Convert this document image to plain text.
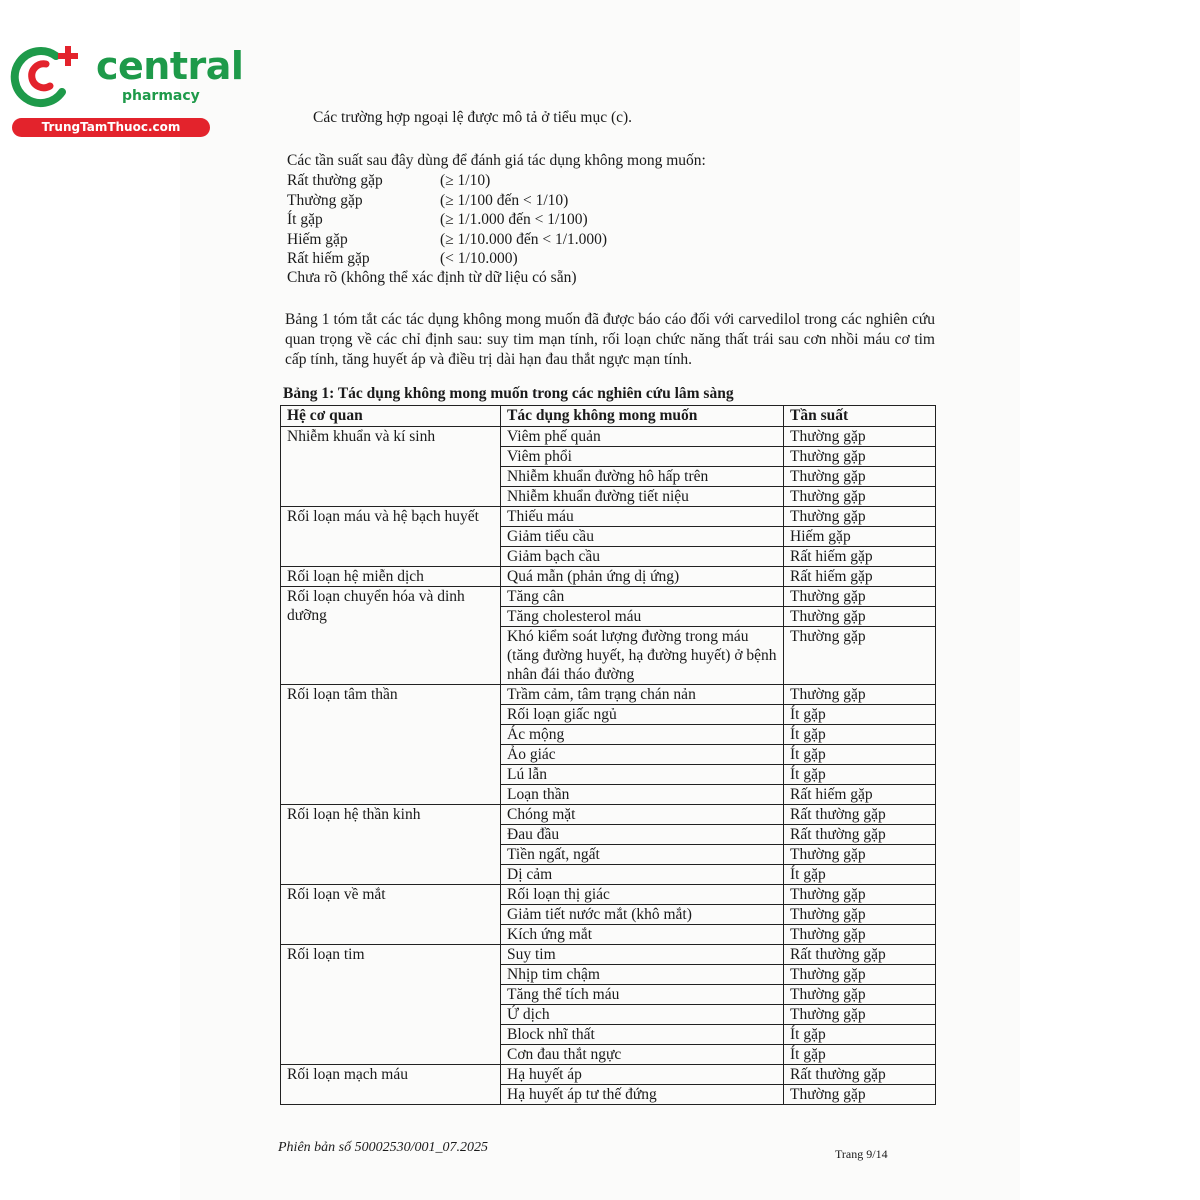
central
pharmacy
TrungTamThuoc.com
Các trường hợp ngoại lệ được mô tả ở tiểu mục (c).
Các tần suất sau đây dùng để đánh giá tác dụng không mong muốn:
Rất thường gặp	(≥ 1/10)
Thường gặp	(≥ 1/100 đến < 1/10)
Ít gặp	(≥ 1/1.000 đến < 1/100)
Hiếm gặp	(≥ 1/10.000 đến < 1/1.000)
Rất hiếm gặp	(< 1/10.000)
Chưa rõ (không thể xác định từ dữ liệu có sẵn)
Bảng 1 tóm tắt các tác dụng không mong muốn đã được báo cáo đối với carvedilol trong các nghiên cứu quan trọng về các chỉ định sau: suy tim mạn tính, rối loạn chức năng thất trái sau cơn nhồi máu cơ tim cấp tính, tăng huyết áp và điều trị dài hạn đau thắt ngực mạn tính.
Bảng 1: Tác dụng không mong muốn trong các nghiên cứu lâm sàng
Hệ cơ quan	Tác dụng không mong muốn	Tần suất
Nhiễm khuẩn và kí sinh	Viêm phế quản	Thường gặp
	Viêm phổi	Thường gặp
	Nhiễm khuẩn đường hô hấp trên	Thường gặp
	Nhiễm khuẩn đường tiết niệu	Thường gặp
Rối loạn máu và hệ bạch huyết	Thiếu máu	Thường gặp
	Giảm tiểu cầu	Hiếm gặp
	Giảm bạch cầu	Rất hiếm gặp
Rối loạn hệ miễn dịch	Quá mẫn (phản ứng dị ứng)	Rất hiếm gặp
Rối loạn chuyển hóa và dinh dưỡng	Tăng cân	Thường gặp
	Tăng cholesterol máu	Thường gặp
	Khó kiểm soát lượng đường trong máu (tăng đường huyết, hạ đường huyết) ở bệnh nhân đái tháo đường	Thường gặp
Rối loạn tâm thần	Trầm cảm, tâm trạng chán nản	Thường gặp
	Rối loạn giấc ngủ	Ít gặp
	Ác mộng	Ít gặp
	Ảo giác	Ít gặp
	Lú lẫn	Ít gặp
	Loạn thần	Rất hiếm gặp
Rối loạn hệ thần kinh	Chóng mặt	Rất thường gặp
	Đau đầu	Rất thường gặp
	Tiền ngất, ngất	Thường gặp
	Dị cảm	Ít gặp
Rối loạn về mắt	Rối loạn thị giác	Thường gặp
	Giảm tiết nước mắt (khô mắt)	Thường gặp
	Kích ứng mắt	Thường gặp
Rối loạn tim	Suy tim	Rất thường gặp
	Nhịp tim chậm	Thường gặp
	Tăng thể tích máu	Thường gặp
	Ứ dịch	Thường gặp
	Block nhĩ thất	Ít gặp
	Cơn đau thắt ngực	Ít gặp
Rối loạn mạch máu	Hạ huyết áp	Rất thường gặp
	Hạ huyết áp tư thế đứng	Thường gặp
Phiên bản số 50002530/001_07.2025	Trang 9/14
